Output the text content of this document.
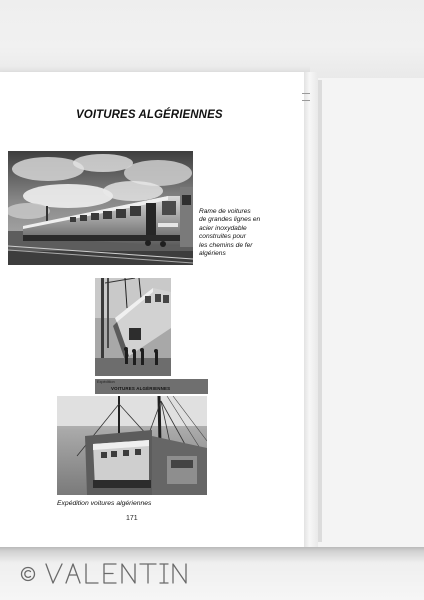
VOITURES ALGÉRIENNES
Rame de voitures
de grandes lignes en
acier inoxydable
construites pour
les chemins de fer
algériens
Expédition
VOITURES ALGÉRIENNES
Expédition voitures algériennes
171
